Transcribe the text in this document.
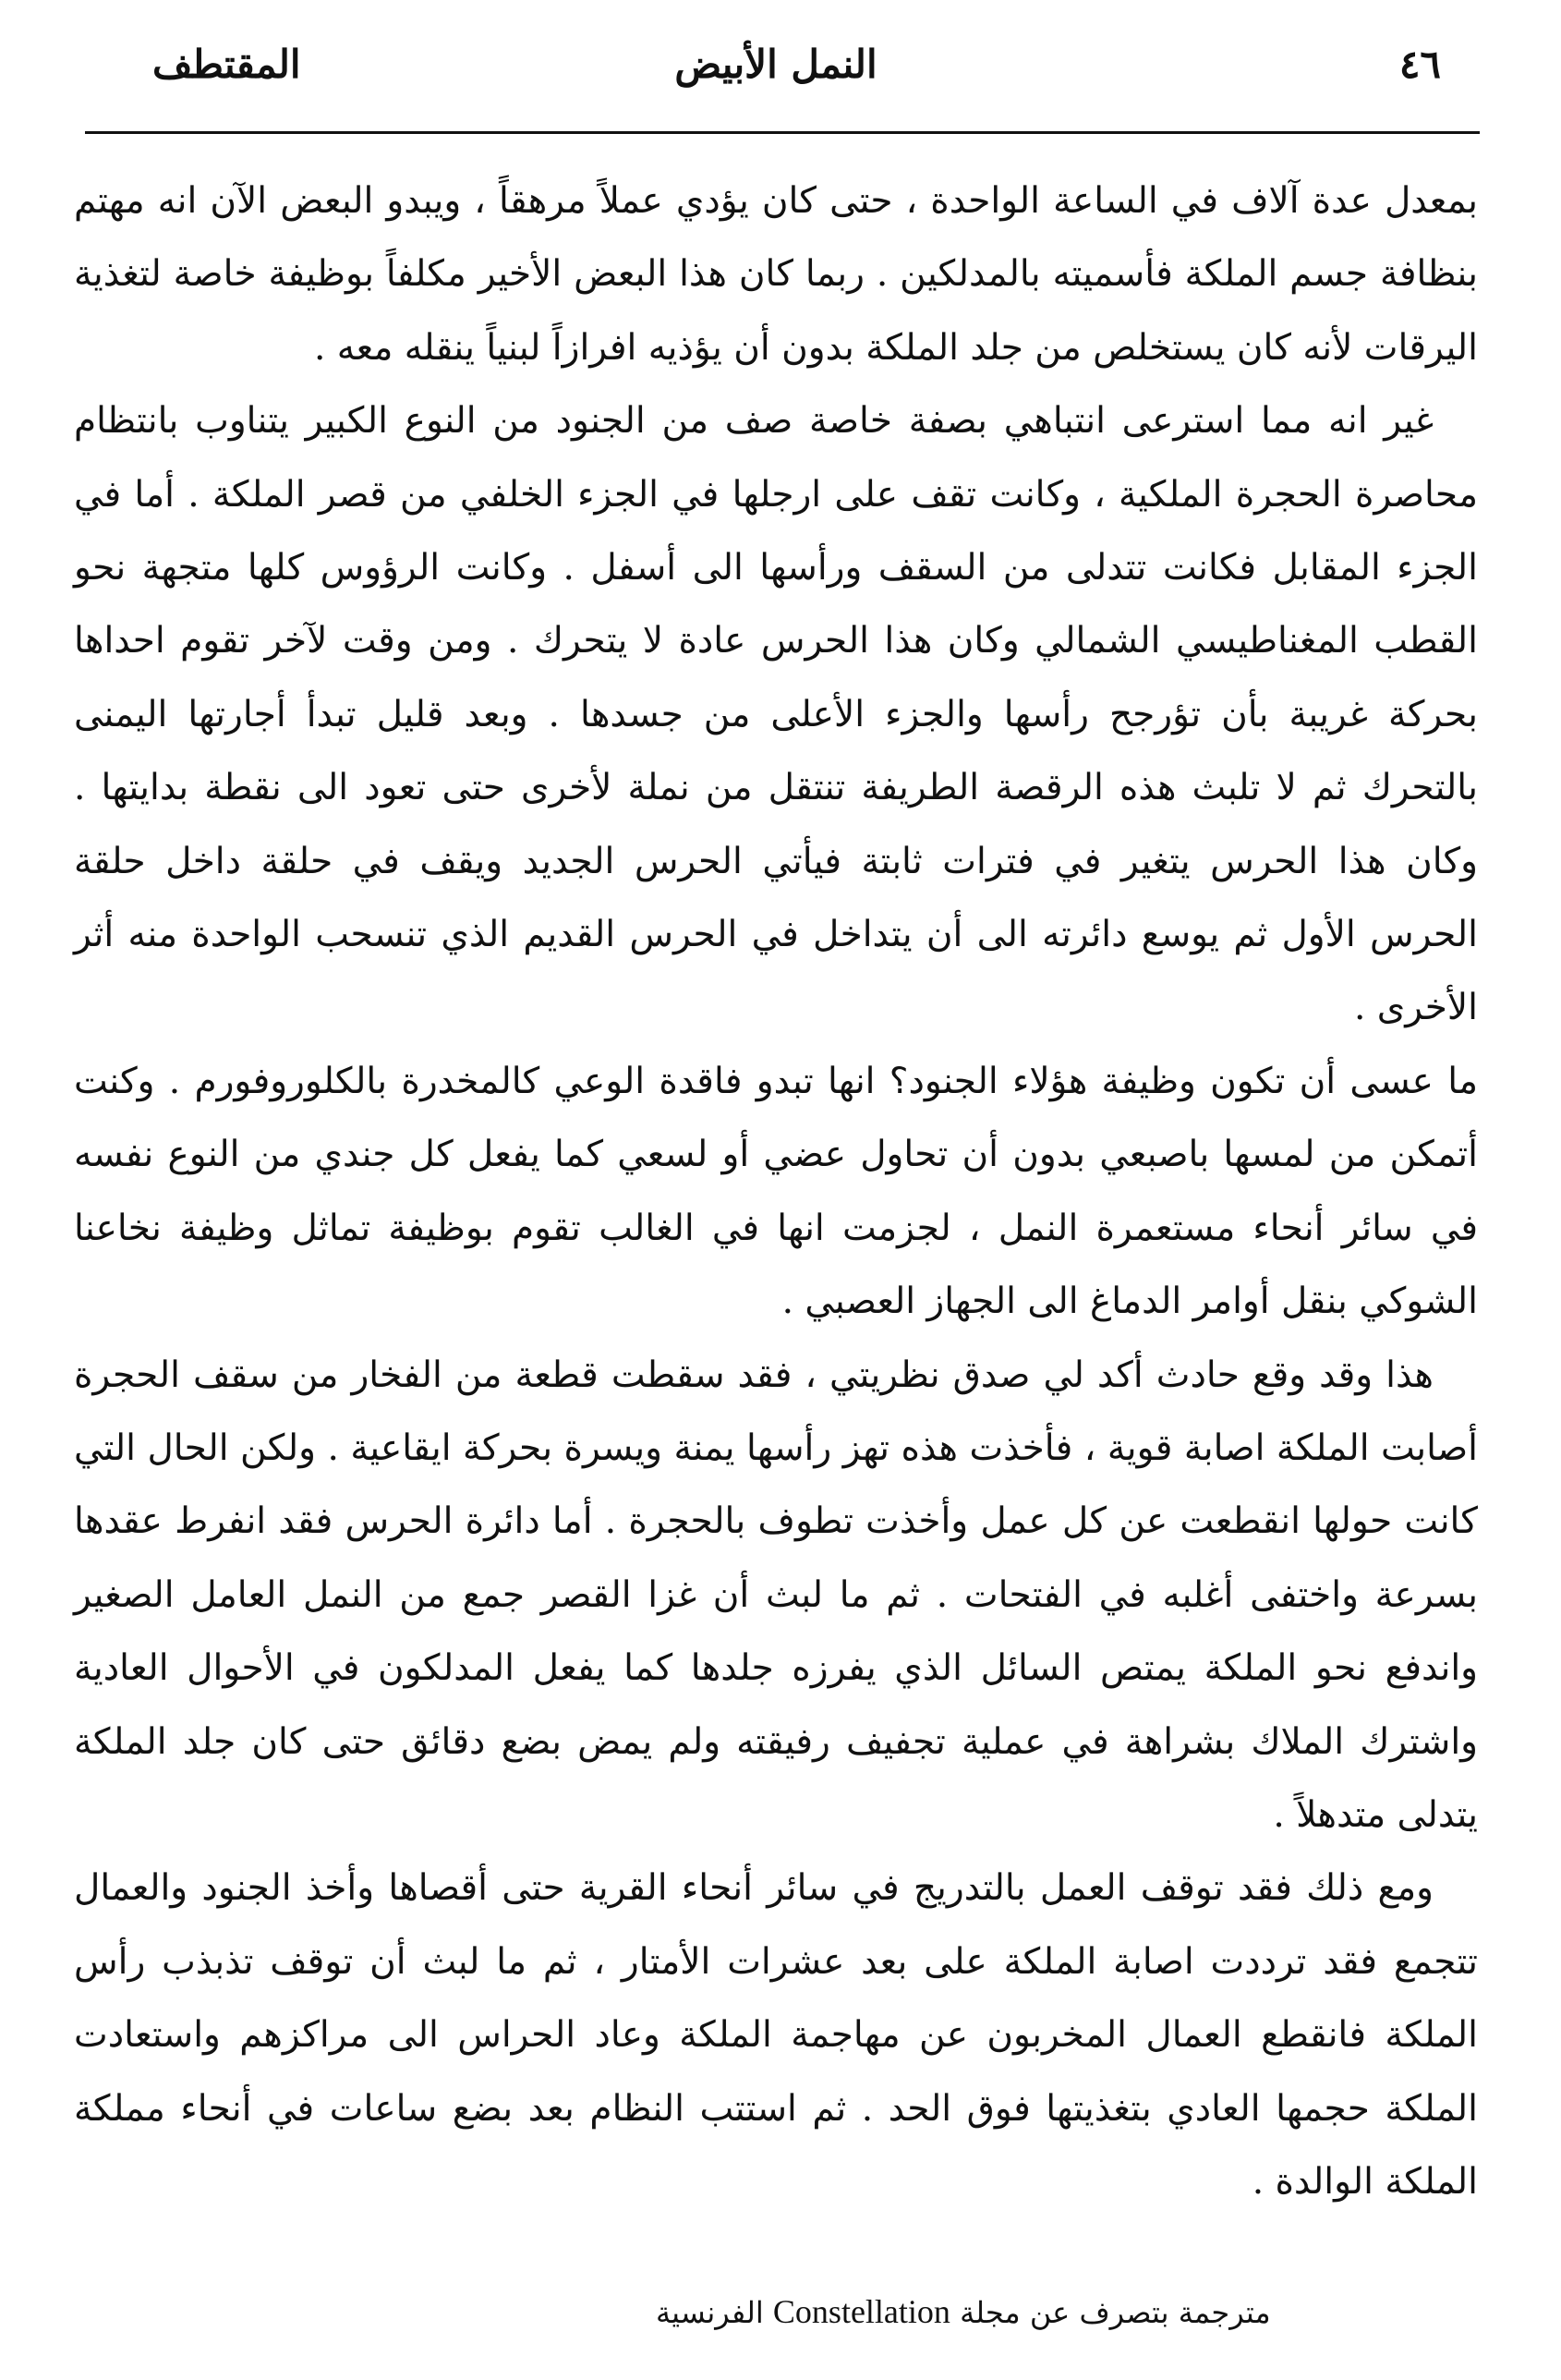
٤٦
النمل الأبيض
المقتطف

بمعدل عدة آلاف في الساعة الواحدة ، حتى كان يؤدي عملاً مرهقاً ، ويبدو البعض الآن انه مهتم بنظافة جسم الملكة فأسميته بالمدلكين . ربما كان هذا البعض الأخير مكلفاً بوظيفة خاصة لتغذية اليرقات لأنه كان يستخلص من جلد الملكة بدون أن يؤذيه افرازاً لبنياً ينقله معه .

غير انه مما استرعى انتباهي بصفة خاصة صف من الجنود من النوع الكبير يتناوب بانتظام محاصرة الحجرة الملكية ، وكانت تقف على ارجلها في الجزء الخلفي من قصر الملكة . أما في الجزء المقابل فكانت تتدلى من السقف ورأسها الى أسفل . وكانت الرؤوس كلها متجهة نحو القطب المغناطيسي الشمالي وكان هذا الحرس عادة لا يتحرك . ومن وقت لآخر تقوم احداها بحركة غريبة بأن تؤرجح رأسها والجزء الأعلى من جسدها . وبعد قليل تبدأ أجارتها اليمنى بالتحرك ثم لا تلبث هذه الرقصة الطريفة تنتقل من نملة لأخرى حتى تعود الى نقطة بدايتها . وكان هذا الحرس يتغير في فترات ثابتة فيأتي الحرس الجديد ويقف في حلقة داخل حلقة الحرس الأول ثم يوسع دائرته الى أن يتداخل في الحرس القديم الذي تنسحب الواحدة منه أثر الأخرى .

ما عسى أن تكون وظيفة هؤلاء الجنود؟ انها تبدو فاقدة الوعي كالمخدرة بالكلوروفورم . وكنت أتمكن من لمسها باصبعي بدون أن تحاول عضي أو لسعي كما يفعل كل جندي من النوع نفسه في سائر أنحاء مستعمرة النمل ، لجزمت انها في الغالب تقوم بوظيفة تماثل وظيفة نخاعنا الشوكي بنقل أوامر الدماغ الى الجهاز العصبي .

هذا وقد وقع حادث أكد لي صدق نظريتي ، فقد سقطت قطعة من الفخار من سقف الحجرة أصابت الملكة اصابة قوية ، فأخذت هذه تهز رأسها يمنة ويسرة بحركة ايقاعية . ولكن الحال التي كانت حولها انقطعت عن كل عمل وأخذت تطوف بالحجرة . أما دائرة الحرس فقد انفرط عقدها بسرعة واختفى أغلبه في الفتحات . ثم ما لبث أن غزا القصر جمع من النمل العامل الصغير واندفع نحو الملكة يمتص السائل الذي يفرزه جلدها كما يفعل المدلكون في الأحوال العادية واشترك الملاك بشراهة في عملية تجفيف رفيقته ولم يمض بضع دقائق حتى كان جلد الملكة يتدلى متدهلاً .

ومع ذلك فقد توقف العمل بالتدريج في سائر أنحاء القرية حتى أقصاها وأخذ الجنود والعمال تتجمع فقد ترددت اصابة الملكة على بعد عشرات الأمتار ، ثم ما لبث أن توقف تذبذب رأس الملكة فانقطع العمال المخربون عن مهاجمة الملكة وعاد الحراس الى مراكزهم واستعادت الملكة حجمها العادي بتغذيتها فوق الحد . ثم استتب النظام بعد بضع ساعات في أنحاء مملكة الملكة الوالدة .

مترجمة بتصرف عن مجلة Constellation الفرنسية
